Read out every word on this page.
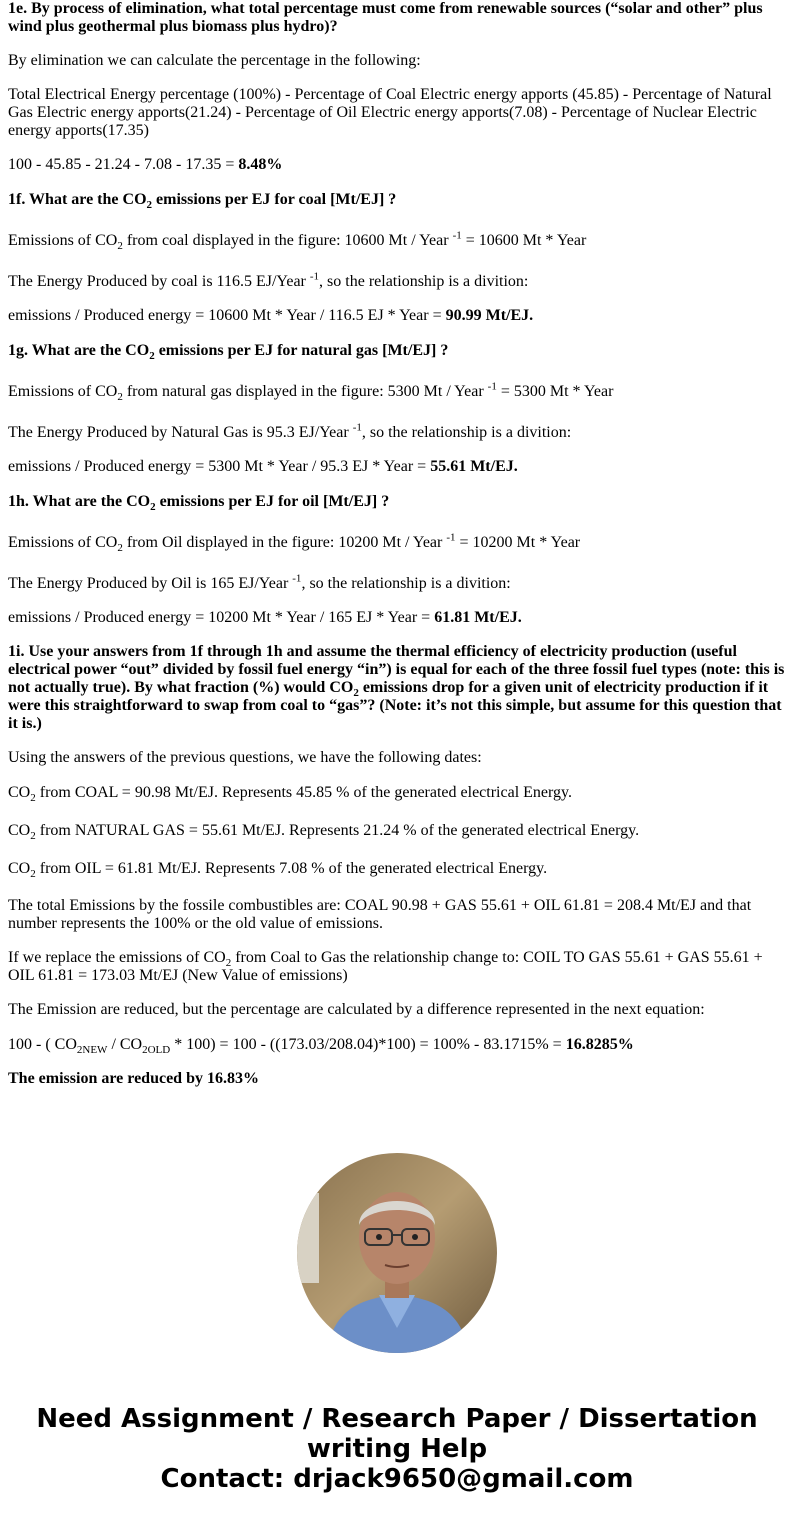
1e. By process of elimination, what total percentage must come from renewable sources (“solar and other” plus wind plus geothermal plus biomass plus hydro)?

By elimination we can calculate the percentage in the following:

Total Electrical Energy percentage (100%) - Percentage of Coal Electric energy apports (45.85) - Percentage of Natural Gas Electric energy apports(21.24) - Percentage of Oil Electric energy apports(7.08) - Percentage of Nuclear Electric energy apports(17.35)

100 - 45.85 - 21.24 - 7.08 - 17.35 = 8.48%

1f. What are the $CO_2$ emissions per EJ for coal [Mt/EJ] ?

Emissions of $CO_2$ from coal displayed in the figure: 10600 Mt / Year $^{-1}$ = 10600 Mt * Year

The Energy Produced by coal is 116.5 EJ/Year $^{-1}$, so the relationship is a divition:

emissions / Produced energy = 10600 Mt * Year / 116.5 EJ * Year = 90.99 Mt/EJ.

1g. What are the $CO_2$ emissions per EJ for natural gas [Mt/EJ] ?

Emissions of $CO_2$ from natural gas displayed in the figure: 5300 Mt / Year $^{-1}$ = 5300 Mt * Year

The Energy Produced by Natural Gas is 95.3 EJ/Year $^{-1}$, so the relationship is a divition:

emissions / Produced energy = 5300 Mt * Year / 95.3 EJ * Year = 55.61 Mt/EJ.

1h. What are the $CO_2$ emissions per EJ for oil [Mt/EJ] ?

Emissions of $CO_2$ from Oil displayed in the figure: 10200 Mt / Year $^{-1}$ = 10200 Mt * Year

The Energy Produced by Oil is 165 EJ/Year $^{-1}$, so the relationship is a divition:

emissions / Produced energy = 10200 Mt * Year / 165 EJ * Year = 61.81 Mt/EJ.

1i. Use your answers from 1f through 1h and assume the thermal efficiency of electricity production (useful electrical power “out” divided by fossil fuel energy “in”) is equal for each of the three fossil fuel types (note: this is not actually true). By what fraction (%) would $CO_2$ emissions drop for a given unit of electricity production if it were this straightforward to swap from coal to “gas”? (Note: it’s not this simple, but assume for this question that it is.)

Using the answers of the previous questions, we have the following dates:

$CO_2$ from COAL = 90.98 Mt/EJ. Represents 45.85 % of the generated electrical Energy.

$CO_2$ from NATURAL GAS = 55.61 Mt/EJ. Represents 21.24 % of the generated electrical Energy.

$CO_2$ from OIL = 61.81 Mt/EJ. Represents 7.08 % of the generated electrical Energy.

The total Emissions by the fossile combustibles are: COAL 90.98 + GAS 55.61 + OIL 61.81 = 208.4 Mt/EJ and that number represents the 100% or the old value of emissions.

If we replace the emissions of $CO_2$ from Coal to Gas the relationship change to: COIL TO GAS 55.61 + GAS 55.61 + OIL 61.81 = 173.03 Mt/EJ (New Value of emissions)

The Emission are reduced, but the percentage are calculated by a difference represented in the next equation:

100 - ( $CO_{2NEW} / CO_{2OLD} * 100) = 100 - ((173.03/208.04)*100) = 100\% - 83.1715\% = 16.8285\%$

The emission are reduced by 16.83%

Need Assignment / Research Paper / Dissertation
writing Help
Contact: drjack9650@gmail.com
